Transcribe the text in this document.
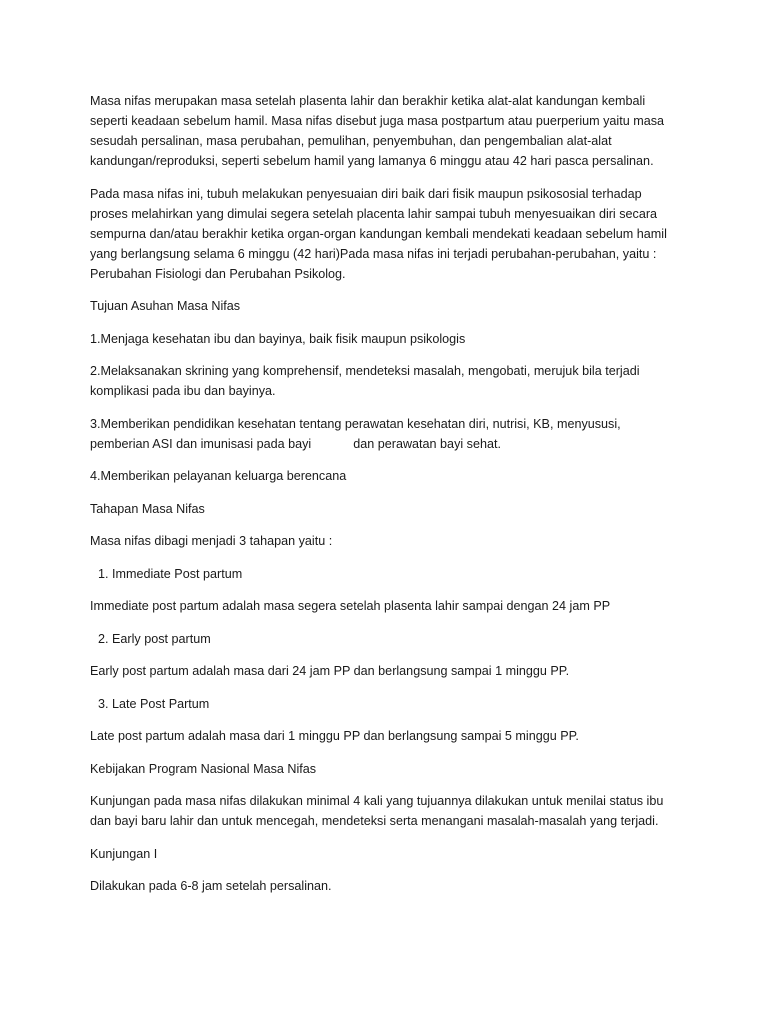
Masa nifas merupakan masa setelah plasenta lahir dan berakhir ketika alat-alat kandungan kembali seperti keadaan sebelum hamil. Masa nifas disebut juga masa postpartum atau puerperium yaitu masa sesudah persalinan, masa perubahan, pemulihan, penyembuhan, dan pengembalian alat-alat kandungan/reproduksi, seperti sebelum hamil yang lamanya 6 minggu atau 42 hari pasca persalinan.

Pada masa nifas ini, tubuh melakukan penyesuaian diri baik dari fisik maupun psikososial terhadap proses melahirkan yang dimulai segera setelah placenta lahir sampai tubuh menyesuaikan diri secara sempurna dan/atau berakhir ketika organ-organ kandungan kembali mendekati keadaan sebelum hamil yang berlangsung selama 6 minggu (42 hari)Pada masa nifas ini terjadi perubahan-perubahan, yaitu : Perubahan Fisiologi dan Perubahan Psikolog.

Tujuan Asuhan Masa Nifas

1.Menjaga kesehatan ibu dan bayinya, baik fisik maupun psikologis

2.Melaksanakan skrining yang komprehensif, mendeteksi masalah, mengobati, merujuk bila terjadi komplikasi pada ibu dan bayinya.

3.Memberikan pendidikan kesehatan tentang perawatan kesehatan diri, nutrisi, KB, menyususi, pemberian ASI dan imunisasi pada bayi	dan perawatan bayi sehat.

4.Memberikan pelayanan keluarga berencana

Tahapan Masa Nifas

Masa nifas dibagi menjadi 3 tahapan yaitu :

1. Immediate Post partum

Immediate post partum adalah masa segera setelah plasenta lahir sampai dengan 24 jam PP

2. Early post partum

Early post partum adalah masa dari 24 jam PP dan berlangsung sampai 1 minggu PP.

3. Late Post Partum

Late post partum adalah masa dari 1 minggu PP dan berlangsung sampai 5 minggu PP.

Kebijakan Program Nasional Masa Nifas

Kunjungan pada masa nifas dilakukan minimal 4 kali yang tujuannya dilakukan untuk menilai status ibu dan bayi baru lahir dan untuk mencegah, mendeteksi serta menangani masalah-masalah yang terjadi.

Kunjungan I

Dilakukan pada 6-8 jam setelah persalinan.
